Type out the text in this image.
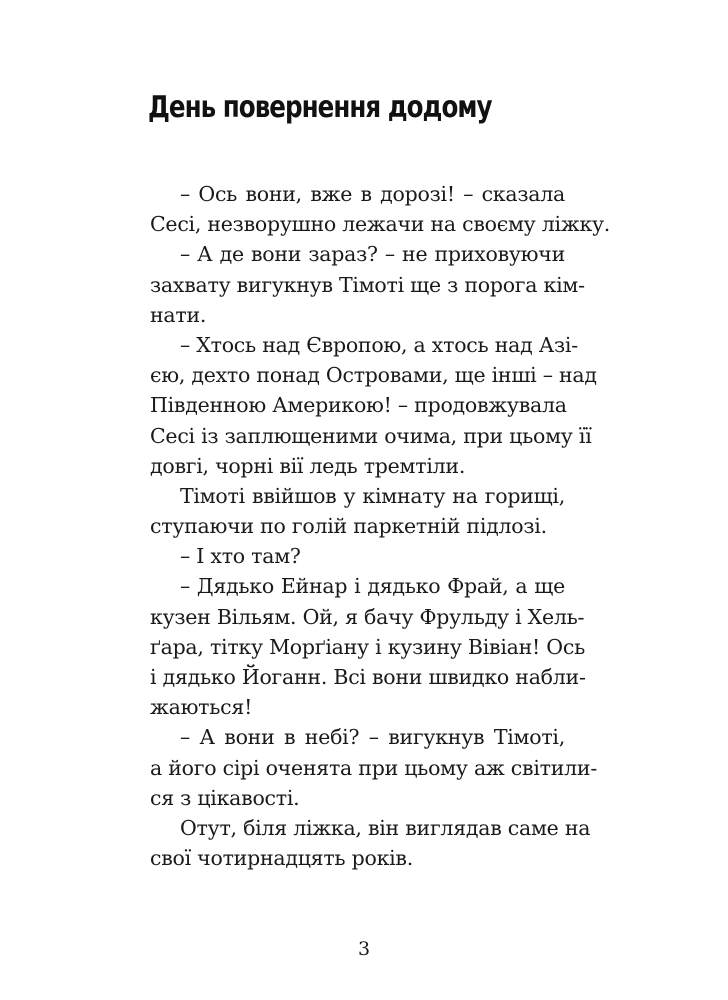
День повернення додому
– Ось вони, вже в дорозі! – сказала
Сесі, незворушно лежачи на своєму ліжку.
– А де вони зараз? – не приховуючи
захвату вигукнув Тімоті ще з порога кім-
нати.
– Хтось над Європою, а хтось над Азі-
єю, дехто понад Островами, ще інші – над
Південною Америкою! – продовжувала
Сесі із заплющеними очима, при цьому її
довгі, чорні вії ледь тремтіли.
Тімоті ввійшов у кімнату на горищі,
ступаючи по голій паркетній підлозі.
– І хто там?
– Дядько Ейнар і дядько Фрай, а ще
кузен Вільям. Ой, я бачу Фрульду і Хель-
ґара, тітку Морґіану і кузину Вівіан! Ось
і дядько Йоганн. Всі вони швидко набли-
жаються!
– А вони в небі? – вигукнув Тімоті,
а його сірі оченята при цьому аж світили-
ся з цікавості.
Отут, біля ліжка, він виглядав саме на
свої чотирнадцять років.
3
